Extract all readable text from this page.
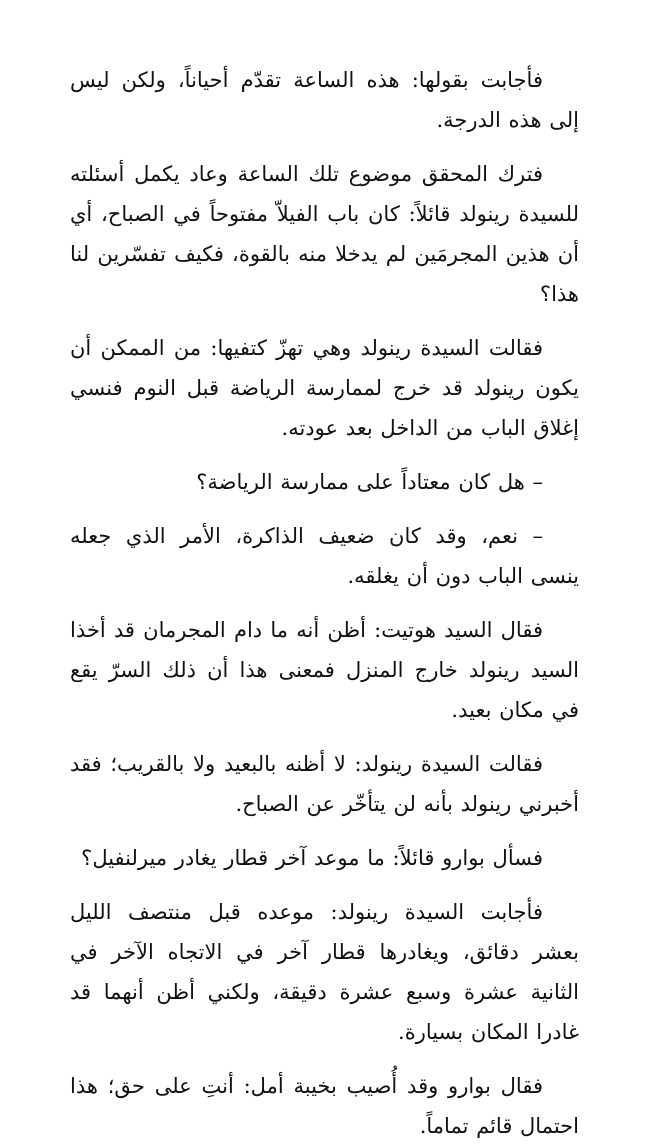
فأجابت بقولها: هذه الساعة تقدّم أحياناً، ولكن ليس إلى هذه الدرجة.

فترك المحقق موضوع تلك الساعة وعاد يكمل أسئلته للسيدة رينولد قائلاً: كان باب الفيلاّ مفتوحاً في الصباح، أي أن هذين المجرمَين لم يدخلا منه بالقوة، فكيف تفسّرين لنا هذا؟

فقالت السيدة رينولد وهي تهزّ كتفيها: من الممكن أن يكون رينولد قد خرج لممارسة الرياضة قبل النوم فنسي إغلاق الباب من الداخل بعد عودته.

– هل كان معتاداً على ممارسة الرياضة؟

– نعم، وقد كان ضعيف الذاكرة، الأمر الذي جعله ينسى الباب دون أن يغلقه.

فقال السيد هوتيت: أظن أنه ما دام المجرمان قد أخذا السيد رينولد خارج المنزل فمعنى هذا أن ذلك السرّ يقع في مكان بعيد.

فقالت السيدة رينولد: لا أظنه بالبعيد ولا بالقريب؛ فقد أخبرني رينولد بأنه لن يتأخّر عن الصباح.

فسأل بوارو قائلاً: ما موعد آخر قطار يغادر ميرلنفيل؟

فأجابت السيدة رينولد: موعده قبل منتصف الليل بعشر دقائق، ويغادرها قطار آخر في الاتجاه الآخر في الثانية عشرة وسبع عشرة دقيقة، ولكني أظن أنهما قد غادرا المكان بسيارة.

فقال بوارو وقد أُصيب بخيبة أمل: أنتِ على حق؛ هذا احتمال قائم تماماً.
